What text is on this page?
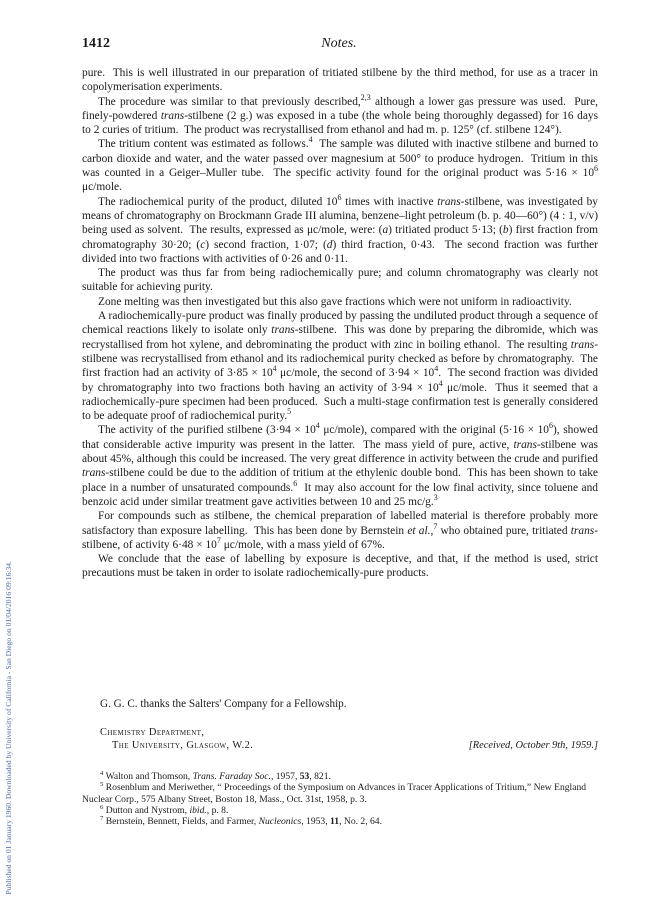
Published on 01 January 1960. Downloaded by University of California - San Diego on 01/04/2016 09:16:34.
1412	Notes.

pure.  This is well illustrated in our preparation of tritiated stilbene by the third method, for use as a tracer in copolymerisation experiments.

The procedure was similar to that previously described,$^{2,3}$ although a lower gas pressure was used.  Pure, finely-powdered trans-stilbene (2 g.) was exposed in a tube (the whole being thoroughly degassed) for 16 days to 2 curies of tritium.  The product was recrystallised from ethanol and had m. p. 125° (cf. stilbene 124°).

The tritium content was estimated as follows.$^4$  The sample was diluted with inactive stilbene and burned to carbon dioxide and water, and the water passed over magnesium at 500° to produce hydrogen.  Tritium in this was counted in a Geiger–Muller tube.  The specific activity found for the original product was $5\cdot 16 \times 10^6$ μc/mole.

The radiochemical purity of the product, diluted $10^6$ times with inactive trans-stilbene, was investigated by means of chromatography on Brockmann Grade III alumina, benzene–light petroleum (b. p. 40—60°) (4 : 1, v/v) being used as solvent.  The results, expressed as μc/mole, were: (a) tritiated product 5·13; (b) first fraction from chromatography 30·20; (c) second fraction, 1·07; (d) third fraction, 0·43.  The second fraction was further divided into two fractions with activities of 0·26 and 0·11.

The product was thus far from being radiochemically pure; and column chromatography was clearly not suitable for achieving purity.

Zone melting was then investigated but this also gave fractions which were not uniform in radioactivity.

A radiochemically-pure product was finally produced by passing the undiluted product through a sequence of chemical reactions likely to isolate only trans-stilbene.  This was done by preparing the dibromide, which was recrystallised from hot xylene, and debrominating the product with zinc in boiling ethanol.  The resulting trans-stilbene was recrystallised from ethanol and its radiochemical purity checked as before by chromatography.  The first fraction had an activity of $3\cdot 85 \times 10^4$ μc/mole, the second of $3\cdot 94 \times 10^4$.  The second fraction was divided by chromatography into two fractions both having an activity of $3\cdot 94 \times 10^4$ μc/mole.  Thus it seemed that a radiochemically-pure specimen had been produced.  Such a multi-stage confirmation test is generally considered to be adequate proof of radiochemical purity.$^5$

The activity of the purified stilbene ($3\cdot 94 \times 10^4$ μc/mole), compared with the original $(5\cdot 16 \times 10^6)$, showed that considerable active impurity was present in the latter.  The mass yield of pure, active, trans-stilbene was about 45%, although this could be increased. The very great difference in activity between the crude and purified trans-stilbene could be due to the addition of tritium at the ethylenic double bond.  This has been shown to take place in a number of unsaturated compounds.$^6$  It may also account for the low final activity, since toluene and benzoic acid under similar treatment gave activities between 10 and 25 mc/g.$^3$

For compounds such as stilbene, the chemical preparation of labelled material is therefore probably more satisfactory than exposure labelling.  This has been done by Bernstein et al.,$^7$ who obtained pure, tritiated trans-stilbene, of activity $6\cdot 48 \times 10^7$ μc/mole, with a mass yield of 67%.

We conclude that the ease of labelling by exposure is deceptive, and that, if the method is used, strict precautions must be taken in order to isolate radiochemically-pure products.

G. G. C. thanks the Salters' Company for a Fellowship.
Chemistry Department,
The University, Glasgow, W.2.	[Received, October 9th, 1959.]
$^4$ Walton and Thomson, Trans. Faraday Soc., 1957, 53, 821.
$^5$ Rosenblum and Meriwether, “ Proceedings of the Symposium on Advances in Tracer Applications of Tritium,” New England Nuclear Corp., 575 Albany Street, Boston 18, Mass., Oct. 31st, 1958, p. 3.
$^6$ Dutton and Nystrom, ibid., p. 8.
$^7$ Bernstein, Bennett, Fields, and Farmer, Nucleonics, 1953, 11, No. 2, 64.
